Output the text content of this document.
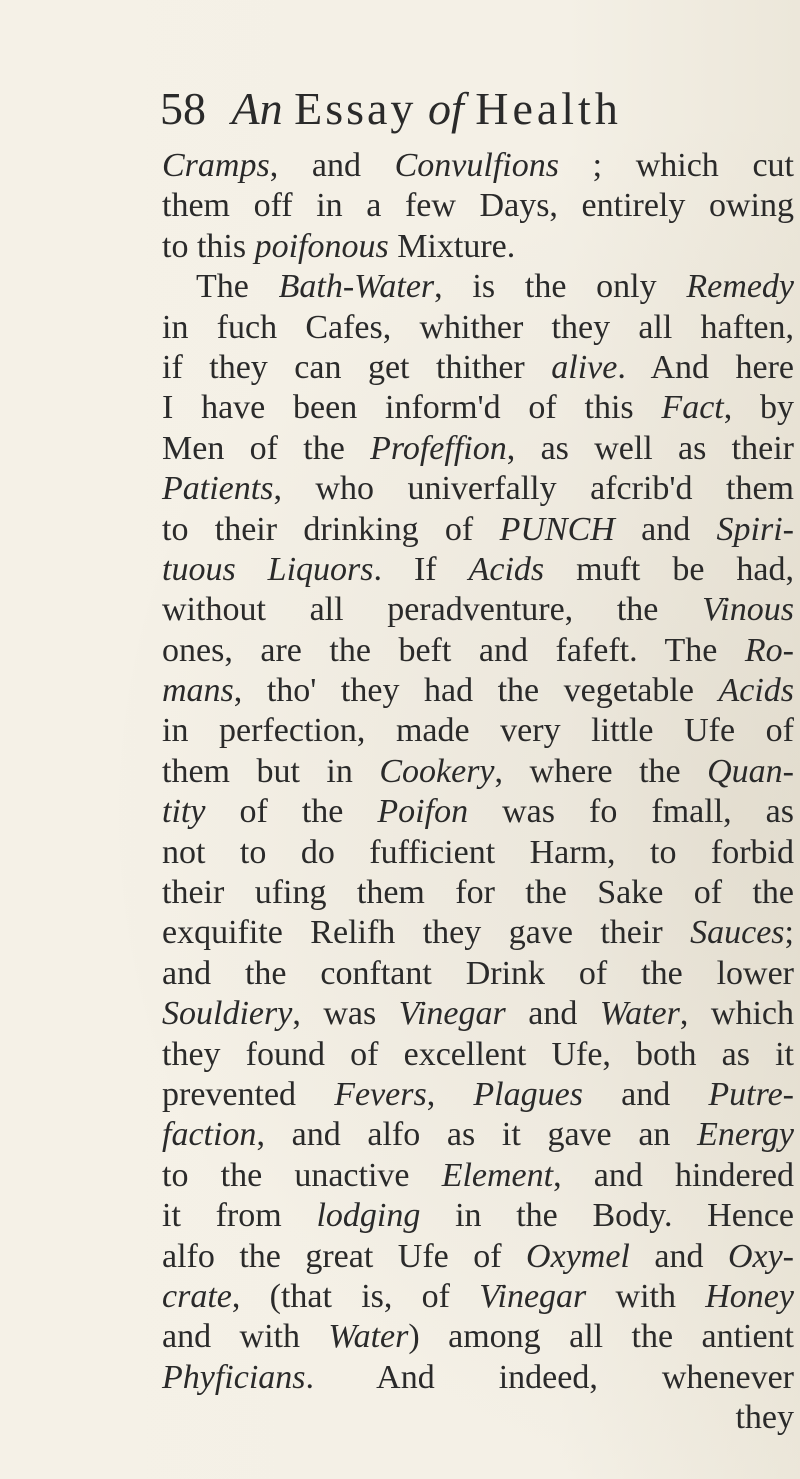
58 An Essay of Health
Cramps, and Convulfions ; which cut
them off in a few Days, entirely owing
to this poifonous Mixture.
The Bath-Water, is the only Remedy
in fuch Cafes, whither they all haften,
if they can get thither alive. And here
I have been inform'd of this Fact, by
Men of the Profeffion, as well as their
Patients, who univerfally afcrib'd them
to their drinking of PUNCH and Spiri-
tuous Liquors. If Acids muft be had,
without all peradventure, the Vinous
ones, are the beft and fafeft. The Ro-
mans, tho' they had the vegetable Acids
in perfection, made very little Ufe of
them but in Cookery, where the Quan-
tity of the Poifon was fo fmall, as
not to do fufficient Harm, to forbid
their ufing them for the Sake of the
exquifite Relifh they gave their Sauces;
and the conftant Drink of the lower
Souldiery, was Vinegar and Water, which
they found of excellent Ufe, both as it
prevented Fevers, Plagues and Putre-
faction, and alfo as it gave an Energy
to the unactive Element, and hindered
it from lodging in the Body. Hence
alfo the great Ufe of Oxymel and Oxy-
crate, (that is, of Vinegar with Honey
and with Water) among all the antient
Phyficians. And indeed, whenever
they
